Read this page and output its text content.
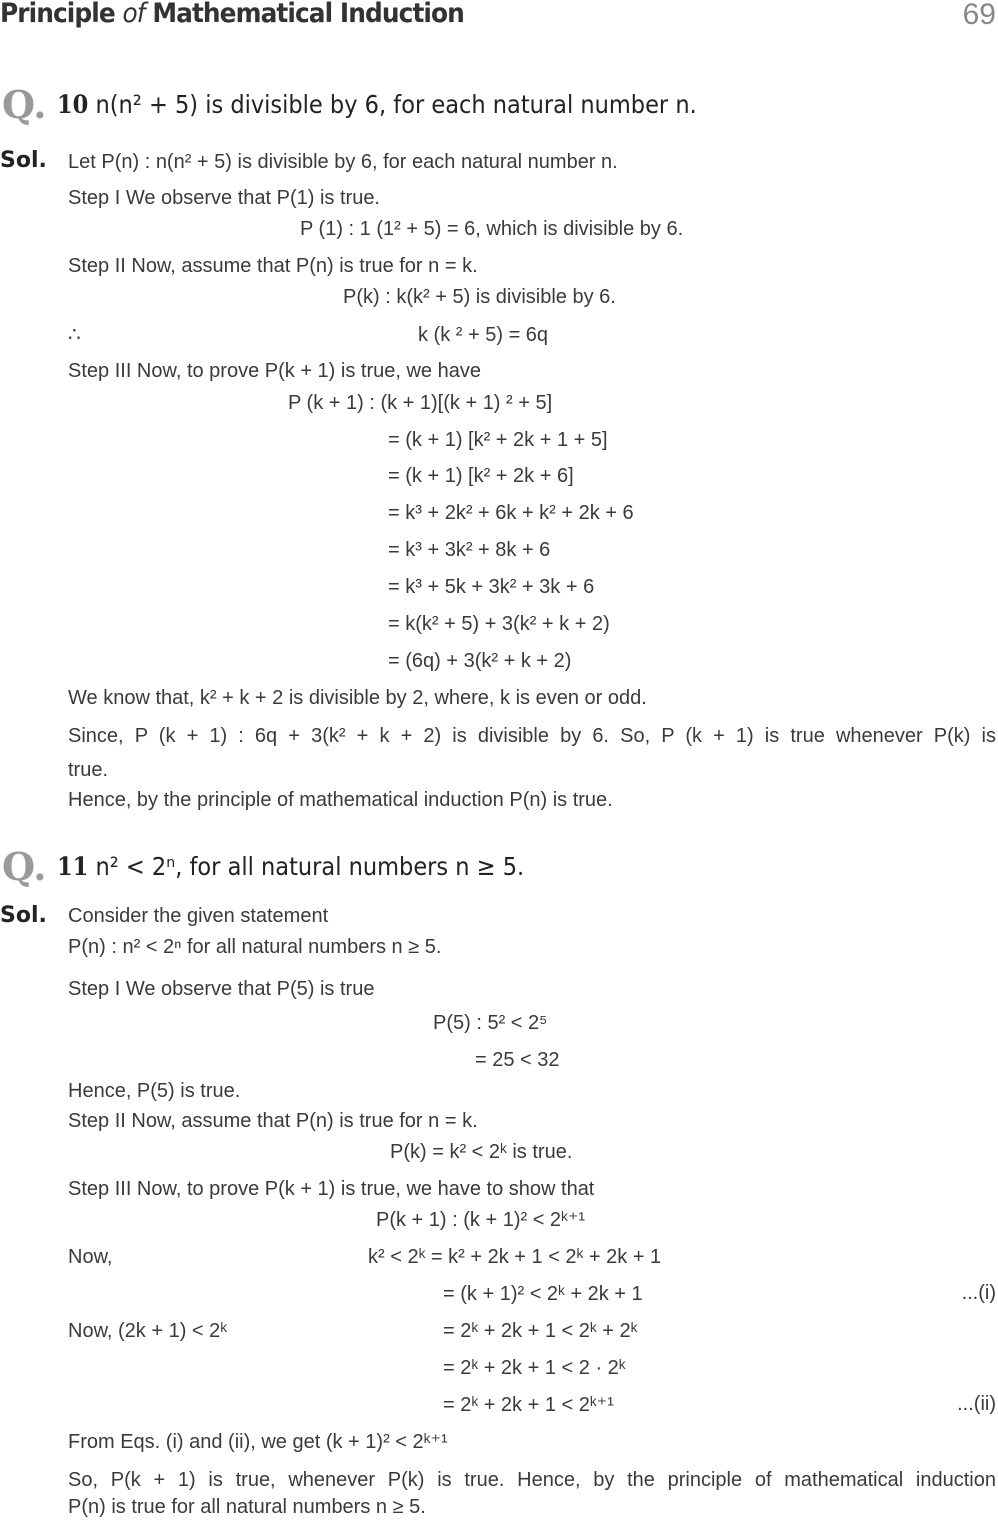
Principle of Mathematical Induction	69
Q. 10 n(n² + 5) is divisible by 6, for each natural number n.
Sol. Let P(n) : n(n² + 5) is divisible by 6, for each natural number n.
Step I We observe that P(1) is true.
P (1) : 1 (1² + 5) = 6, which is divisible by 6.
Step II Now, assume that P(n) is true for n = k.
P(k) : k(k² + 5) is divisible by 6.
∴	k (k ² + 5) = 6q
Step III Now, to prove P(k + 1) is true, we have
P (k + 1) : (k + 1)[(k + 1) ² + 5]
= (k + 1) [k² + 2k + 1 + 5]
= (k + 1) [k² + 2k + 6]
= k³ + 2k² + 6k + k² + 2k + 6
= k³ + 3k² + 8k + 6
= k³ + 5k + 3k² + 3k + 6
= k(k² + 5) + 3(k² + k + 2)
= (6q) + 3(k² + k + 2)
We know that, k² + k + 2 is divisible by 2, where, k is even or odd.
Since, P (k + 1) : 6q + 3(k² + k + 2) is divisible by 6. So, P (k + 1) is true whenever P(k) is
true.
Hence, by the principle of mathematical induction P(n) is true.
Q. 11 n² < 2ⁿ, for all natural numbers n ≥ 5.
Sol. Consider the given statement
P(n) : n² < 2ⁿ for all natural numbers n ≥ 5.
Step I We observe that P(5) is true
P(5) : 5² < 2⁵
= 25 < 32
Hence, P(5) is true.
Step II Now, assume that P(n) is true for n = k.
P(k) = k² < 2ᵏ is true.
Step III Now, to prove P(k + 1) is true, we have to show that
P(k + 1) : (k + 1)² < 2ᵏ⁺¹
Now,	k² < 2ᵏ = k² + 2k + 1 < 2ᵏ + 2k + 1
= (k + 1)² < 2ᵏ + 2k + 1	...(i)
Now, (2k + 1) < 2ᵏ	= 2ᵏ + 2k + 1 < 2ᵏ + 2ᵏ
= 2ᵏ + 2k + 1 < 2 · 2ᵏ
= 2ᵏ + 2k + 1 < 2ᵏ⁺¹	...(ii)
From Eqs. (i) and (ii), we get (k + 1)² < 2ᵏ⁺¹
So, P(k + 1) is true, whenever P(k) is true. Hence, by the principle of mathematical induction
P(n) is true for all natural numbers n ≥ 5.
